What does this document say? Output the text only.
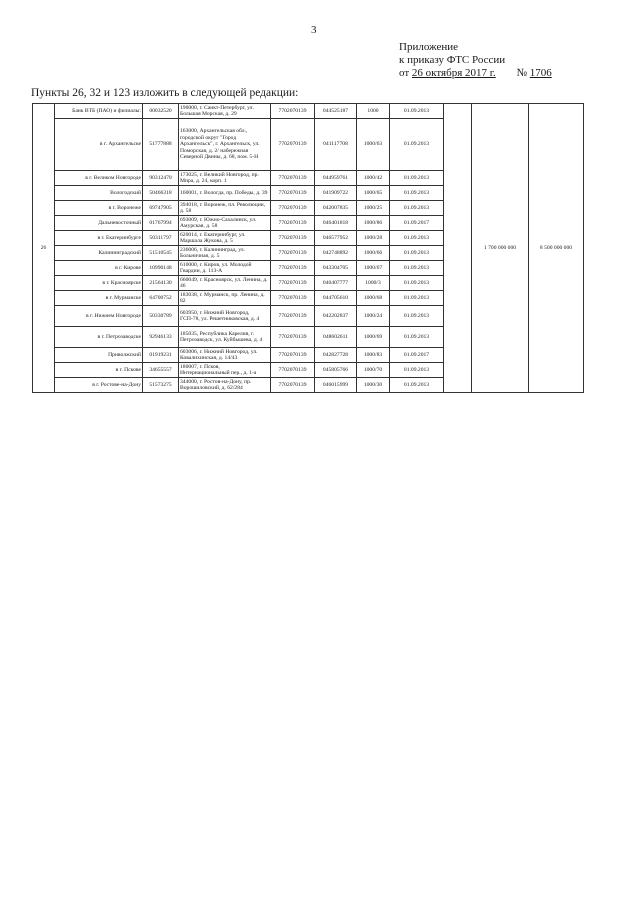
3
Приложение
к приказу ФТС России
от 26 октября 2017 г. № 1706
Пункты 26, 32 и 123 изложить в следующей редакции:
26	Банк ВТБ (ПАО) и филиалы:	00032520	190000, г. Санкт-Петербург, ул. Большая Морская, д. 29	7702070139	044525187	1000	01.09.2013		1 700 000 000	8 500 000 000
	в г. Архангельске	51777888	163000, Архангельская обл., городской округ "Город Архангельск", г. Архангельск, ул. Поморская, д. 2/ набережная Северной Двины, д. 68, пом. 5-Н	7702070139	041117708	1000/63	01.09.2013			
	в г. Великом Новгороде	90312470	173025, г. Великий Новгород, пр. Мира, д. 24, корп. 1	7702070139	044959761	1000/42	01.09.2013			
	Вологодский	50466318	160001, г. Вологда, пр. Победы, д. 39	7702070139	041909722	1000/65	01.09.2013			
	в г. Воронеже	69747905	394018, г. Воронеж, пл. Революции, д. 58	7702070139	042007835	1000/25	01.09.2013			
	Дальневосточный	01767994	693009, г. Южно-Сахалинск, ул. Амурская, д. 58	7702070139	046401818	1000/86	01.09.2017			
	в г. Екатеринбурге	50311797	620014, г. Екатеринбург, ул. Маршала Жукова, д. 5	7702070139	046577952	1000/28	01.09.2013			
	Калининградский	51510545	236006, г. Калининград, ул. Больничная, д. 5	7702070139	042748892	1000/66	01.09.2013			
	в г. Кирове	10990148	610000, г. Киров, ул. Молодой Гвардии, д. 113-А	7702070139	043304705	1000/67	01.09.2013			
	в г. Красноярске	21564130	660049, г. Красноярск, ул. Ленина, д. 46	7702070139	040407777	1000/3	01.09.2013			
	в г. Мурманске	64700752	183038, г. Мурманск, пр. Ленина, д. 82	7702070139	044705610	1000/68	01.09.2013			
	в г. Нижнем Новгороде	50330789	603950, г. Нижний Новгород, ГСП-78, ул. Решетниковская, д. 4	7702070139	042202837	1000/24	01.09.2013			
	в г. Петрозаводске	92946133	185035, Республика Карелия, г. Петрозаводск, ул. Куйбышева, д. 4	7702070139	048602611	1000/69	01.09.2013			
	Приволжский	01919231	603006, г. Нижний Новгород, ул. Ковалихинская, д. 14/43	7702070139	042827728	1000/83	01.09.2017			
	в г. Пскове	34655557	180007, г. Псков, Интернациональный пер., д. 1-а	7702070139	045805766	1000/70	01.09.2013			
	в г. Ростове-на-Дону	51573275	344000, г. Ростов-на-Дону, пр. Ворошиловский, д. 62/284	7702070139	046015999	1000/30	01.09.2013			
